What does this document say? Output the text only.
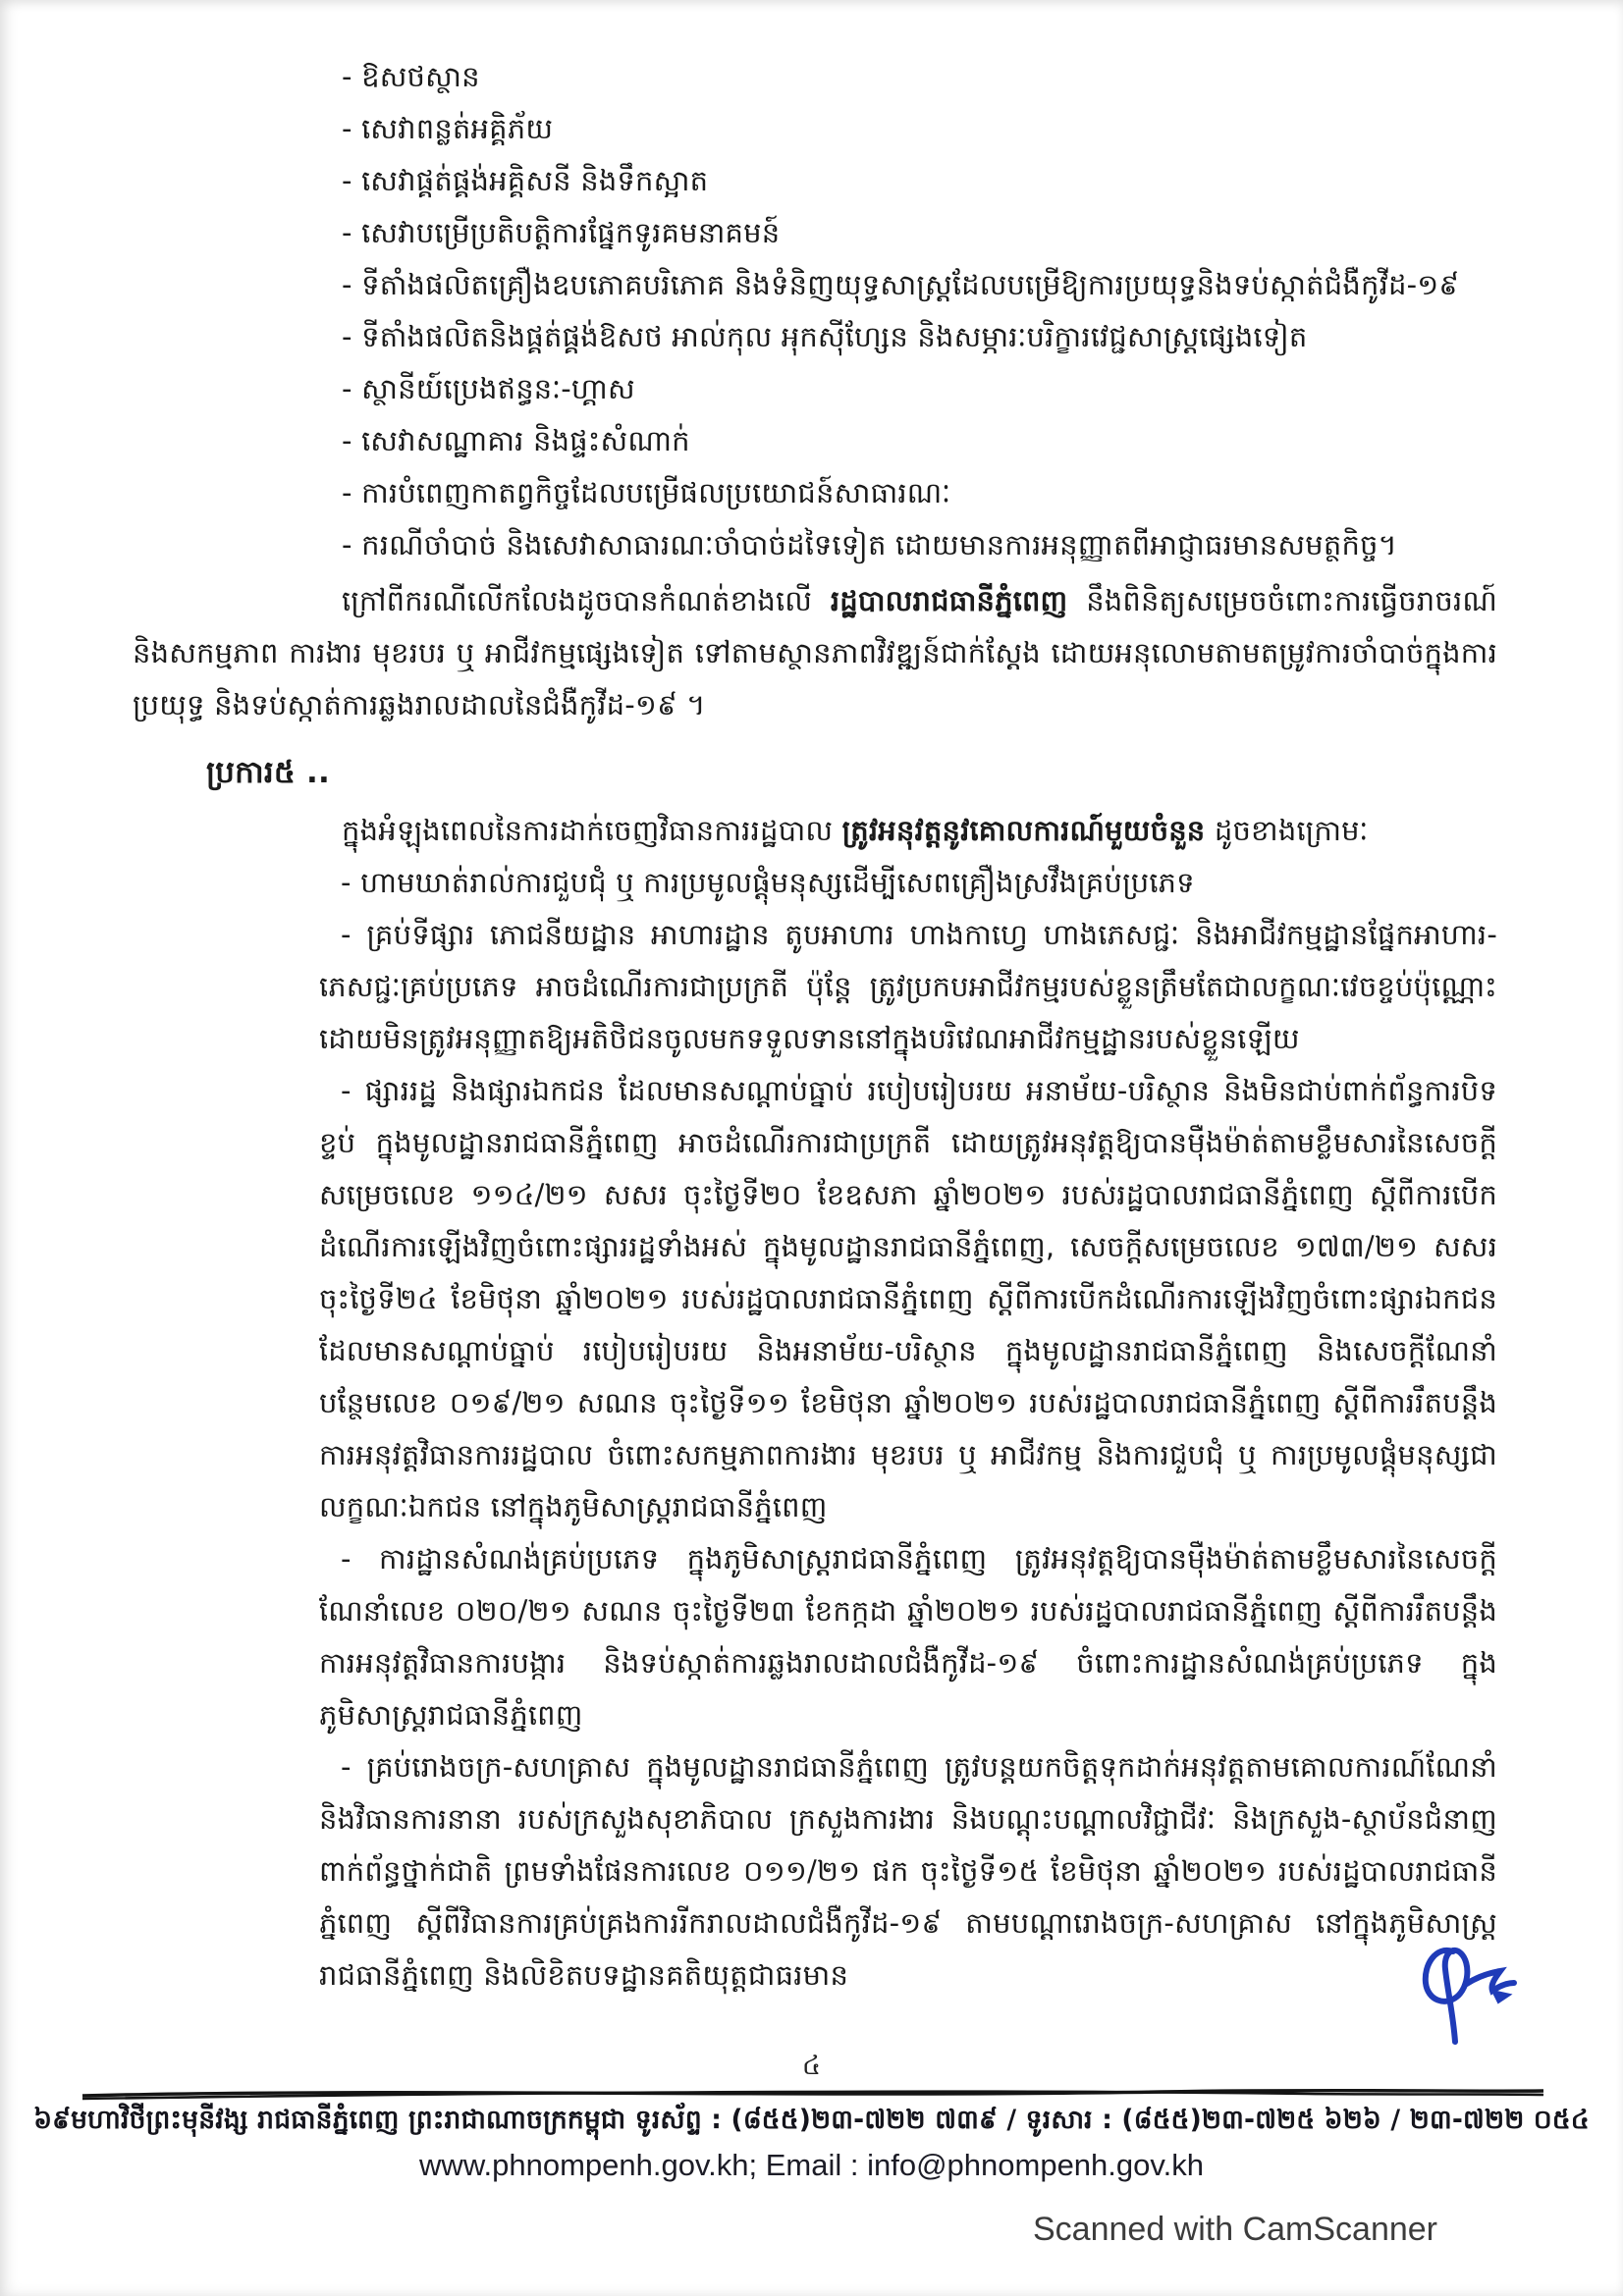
- ឱសថស្ថាន
- សេវាពន្លត់អគ្គិភ័យ
- សេវាផ្គត់ផ្គង់អគ្គិសនី និងទឹកស្អាត
- សេវាបម្រើប្រតិបត្តិការផ្នែកទូរគមនាគមន៍
- ទីតាំងផលិតគ្រឿងឧបភោគបរិភោគ និងទំនិញយុទ្ធសាស្ត្រដែលបម្រើឱ្យការប្រយុទ្ធនិងទប់ស្កាត់ជំងឺកូវីដ-១៩
- ទីតាំងផលិតនិងផ្គត់ផ្គង់ឱសថ អាល់កុល អុកស៊ីហ្សែន និងសម្ភារៈបរិក្ខារវេជ្ជសាស្ត្រផ្សេងទៀត
- ស្ថានីយ៍ប្រេងឥន្ធនៈ-ហ្គាស
- សេវាសណ្ឋាគារ និងផ្ទះសំណាក់
- ការបំពេញកាតព្វកិច្ចដែលបម្រើផលប្រយោជន៍សាធារណៈ
- ករណីចាំបាច់ និងសេវាសាធារណៈចាំបាច់ដទៃទៀត ដោយមានការអនុញ្ញាតពីអាជ្ញាធរមានសមត្ថកិច្ច។
ក្រៅពីករណីលើកលែងដូចបានកំណត់ខាងលើ រដ្ឋបាលរាជធានីភ្នំពេញ នឹងពិនិត្យសម្រេចចំពោះការធ្វើចរាចរណ៍ និងសកម្មភាព ការងារ មុខរបរ ឬ អាជីវកម្មផ្សេងទៀត ទៅតាមស្ថានភាពវិវឌ្ឍន៍ជាក់ស្តែង ដោយអនុលោមតាមតម្រូវការចាំបាច់ក្នុងការប្រយុទ្ធ និងទប់ស្កាត់ការឆ្លងរាលដាលនៃជំងឺកូវីដ-១៩ ។
ប្រការ៥ ..
ក្នុងអំឡុងពេលនៃការដាក់ចេញវិធានការរដ្ឋបាល ត្រូវអនុវត្តនូវគោលការណ៍មួយចំនួន ដូចខាងក្រោមៈ
- ហាមឃាត់រាល់ការជួបជុំ ឬ ការប្រមូលផ្តុំមនុស្សដើម្បីសេពគ្រឿងស្រវឹងគ្រប់ប្រភេទ
- គ្រប់ទីផ្សារ ភោជនីយដ្ឋាន អាហារដ្ឋាន តូបអាហារ ហាងកាហ្វេ ហាងភេសជ្ជៈ និងអាជីវកម្មដ្ឋានផ្នែកអាហារ-ភេសជ្ជៈគ្រប់ប្រភេទ អាចដំណើរការជាប្រក្រតី ប៉ុន្តែ ត្រូវប្រកបអាជីវកម្មរបស់ខ្លួនត្រឹមតែជាលក្ខណៈវេចខ្ចប់ប៉ុណ្ណោះ ដោយមិនត្រូវអនុញ្ញាតឱ្យអតិថិជនចូលមកទទួលទាននៅក្នុងបរិវេណអាជីវកម្មដ្ឋានរបស់ខ្លួនឡើយ
- ផ្សាររដ្ឋ និងផ្សារឯកជន ដែលមានសណ្តាប់ធ្នាប់ របៀបរៀបរយ អនាម័យ-បរិស្ថាន និងមិនជាប់ពាក់ព័ន្ធការបិទខ្ទប់ ក្នុងមូលដ្ឋានរាជធានីភ្នំពេញ អាចដំណើរការជាប្រក្រតី ដោយត្រូវអនុវត្តឱ្យបានម៉ឺងម៉ាត់តាមខ្លឹមសារនៃសេចក្តីសម្រេចលេខ ១១៤/២១ សសរ ចុះថ្ងៃទី២០ ខែឧសភា ឆ្នាំ២០២១ របស់រដ្ឋបាលរាជធានីភ្នំពេញ ស្តីពីការបើកដំណើរការឡើងវិញចំពោះផ្សាររដ្ឋទាំងអស់ ក្នុងមូលដ្ឋានរាជធានីភ្នំពេញ, សេចក្តីសម្រេចលេខ ១៧៣/២១ សសរ ចុះថ្ងៃទី២៤ ខែមិថុនា ឆ្នាំ២០២១ របស់រដ្ឋបាលរាជធានីភ្នំពេញ ស្តីពីការបើកដំណើរការឡើងវិញចំពោះផ្សារឯកជន ដែលមានសណ្តាប់ធ្នាប់ របៀបរៀបរយ និងអនាម័យ-បរិស្ថាន ក្នុងមូលដ្ឋានរាជធានីភ្នំពេញ និងសេចក្តីណែនាំបន្ថែមលេខ ០១៩/២១ សណន ចុះថ្ងៃទី១១ ខែមិថុនា ឆ្នាំ២០២១ របស់រដ្ឋបាលរាជធានីភ្នំពេញ ស្តីពីការរឹតបន្តឹងការអនុវត្តវិធានការរដ្ឋបាល ចំពោះសកម្មភាពការងារ មុខរបរ ឬ អាជីវកម្ម និងការជួបជុំ ឬ ការប្រមូលផ្តុំមនុស្សជាលក្ខណៈឯកជន នៅក្នុងភូមិសាស្ត្ររាជធានីភ្នំពេញ
- ការដ្ឋានសំណង់គ្រប់ប្រភេទ ក្នុងភូមិសាស្ត្ររាជធានីភ្នំពេញ ត្រូវអនុវត្តឱ្យបានម៉ឺងម៉ាត់តាមខ្លឹមសារនៃសេចក្តីណែនាំលេខ ០២០/២១ សណន ចុះថ្ងៃទី២៣ ខែកក្កដា ឆ្នាំ២០២១ របស់រដ្ឋបាលរាជធានីភ្នំពេញ ស្តីពីការរឹតបន្តឹងការអនុវត្តវិធានការបង្ការ និងទប់ស្កាត់ការឆ្លងរាលដាលជំងឺកូវីដ-១៩ ចំពោះការដ្ឋានសំណង់គ្រប់ប្រភេទ ក្នុងភូមិសាស្ត្ររាជធានីភ្នំពេញ
- គ្រប់រោងចក្រ-សហគ្រាស ក្នុងមូលដ្ឋានរាជធានីភ្នំពេញ ត្រូវបន្តយកចិត្តទុកដាក់អនុវត្តតាមគោលការណ៍ណែនាំ និងវិធានការនានា របស់ក្រសួងសុខាភិបាល ក្រសួងការងារ និងបណ្តុះបណ្តាលវិជ្ជាជីវៈ និងក្រសួង-ស្ថាប័នជំនាញពាក់ព័ន្ធថ្នាក់ជាតិ ព្រមទាំងផែនការលេខ ០១១/២១ ផក ចុះថ្ងៃទី១៥ ខែមិថុនា ឆ្នាំ២០២១ របស់រដ្ឋបាលរាជធានីភ្នំពេញ ស្តីពីវិធានការគ្រប់គ្រងការរីករាលដាលជំងឺកូវីដ-១៩ តាមបណ្តារោងចក្រ-សហគ្រាស នៅក្នុងភូមិសាស្ត្ររាជធានីភ្នំពេញ និងលិខិតបទដ្ឋានគតិយុត្តជាធរមាន
៤
៦៩មហាវិថីព្រះមុនីវង្ស រាជធានីភ្នំពេញ ព្រះរាជាណាចក្រកម្ពុជា ទូរស័ព្ទ : (៨៥៥)២៣-៧២២ ៧៣៩ / ទូរសារ : (៨៥៥)២៣-៧២៥ ៦២៦ / ២៣-៧២២ ០៥៤
www.phnompenh.gov.kh; Email : info@phnompenh.gov.kh
Scanned with CamScanner
